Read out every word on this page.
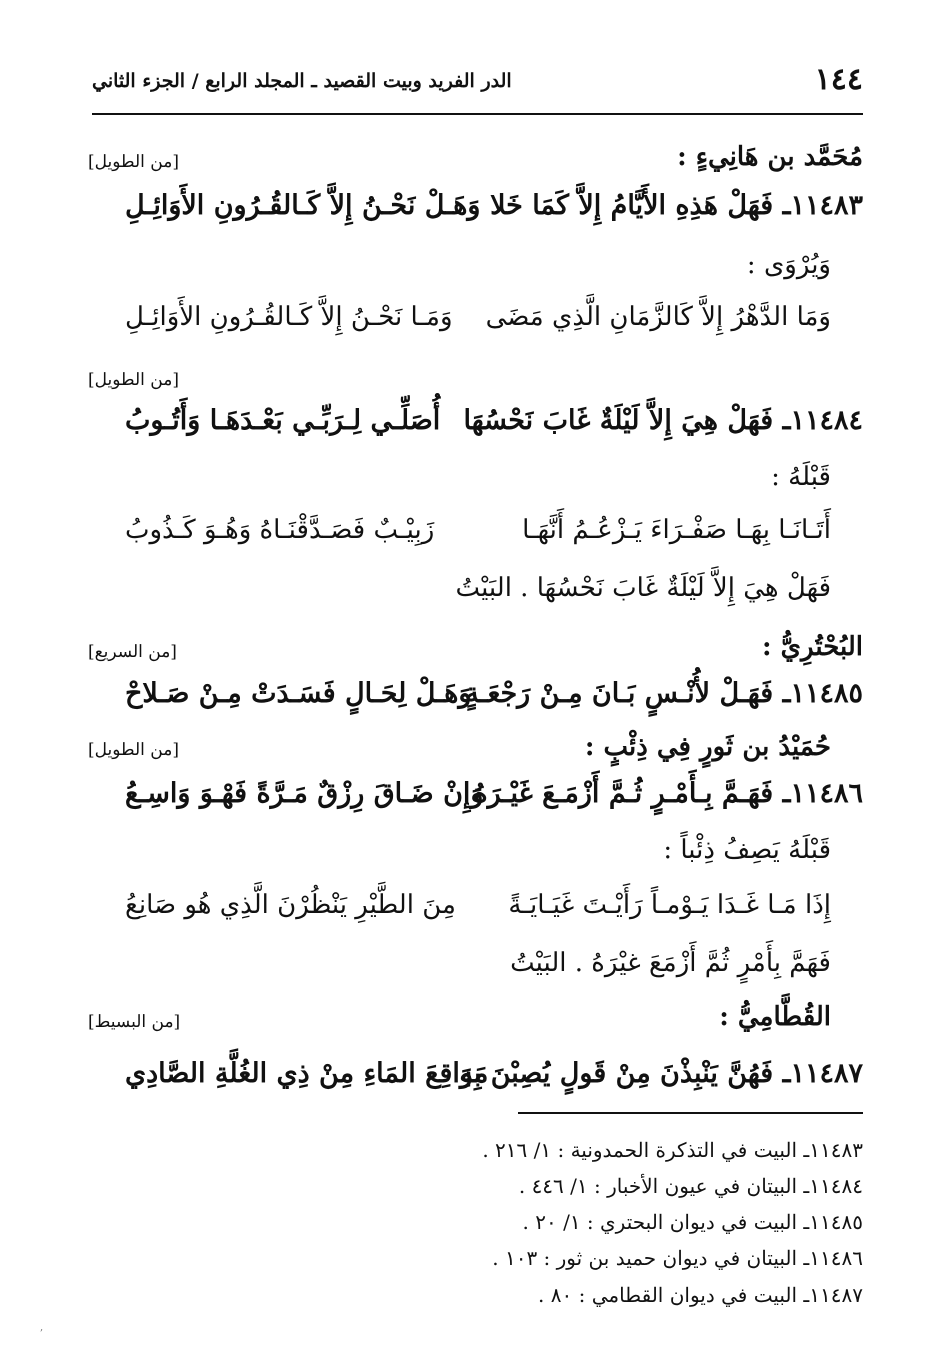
١٤٤
الدر الفريد وبيت القصيد ـ المجلد الرابع / الجزء الثاني
مُحَمَّد بن هَانِيءٍ :
[من الطويل]
١١٤٨٣ـ فَهَلْ هَذِهِ الأَيَّامُ إِلاَّ كَمَا خَلا
وَهَـلْ نَحْـنُ إِلاَّ كَـالقُـرُونِ الأَوَائِـلِ
وَيُرْوَى :
وَمَا الدَّهْرُ إِلاَّ كَالزَّمَانِ الَّذِي مَضَى
وَمَـا نَحْـنُ إِلاَّ كَـالقُـرُونِ الأَوَائِـلِ
[من الطويل]
١١٤٨٤ـ فَهَلْ هِيَ إِلاَّ لَيْلَةٌ غَابَ نَحْسُهَا
أُصَلِّـي لِـرَبِّـي بَعْـدَهَـا وَأَتُـوبُ
قَبْلَهُ :
أَتَـانَـا بِهَـا صَفْـرَاءَ يَـزْعُـمُ أَنَّهَـا
زَبِيْـبٌ فَصَـدَّقْنَـاهُ وَهُـوَ كَـذُوبُ
فَهَلْ هِيَ إِلاَّ لَيْلَةٌ غَابَ نَحْسُهَا . البَيْتُ
البُحْتُرِيُّ :
[من السريع]
١١٤٨٥ـ فَهَـلْ لأُنْـسٍ بَـانَ مِـنْ رَجْعَـةٍ
وَهَـلْ لِحَـالٍ فَسَـدَتْ مِـنْ صَـلاحْ
حُمَيْدُ بن ثَورٍ فِي ذِئْبٍ :
[من الطويل]
١١٤٨٦ـ فَهَـمَّ بِـأَمْـرٍ ثُـمَّ أَزْمَـعَ غَيْـرَهُ
وَإِنْ ضَـاقَ رِزْقٌ مَـرَّةً فَهْـوَ وَاسِـعُ
قَبْلَهُ يَصِفُ ذِئْباً :
إِذَا مَـا غَـدَا يَـوْمـاً رَأَيْـتَ غَيَـايَـةً
مِنَ الطَّيْرِ يَنْظُرْنَ الَّذِي هُو صَانِعُ
فَهَمَّ بِأَمْرٍ ثُمَّ أَزْمَعَ غيْرَهُ . البَيْتُ
القُطَّامِيُّ :
[من البسيط]
١١٤٨٧ـ فَهُنَّ يَنْبِذْنَ مِنْ قَولٍ يُصِبْنَ بِهِ
مَوَاقِعَ المَاءِ مِنْ ذِي الغُلَّةِ الصَّادِي
١١٤٨٣ـ البيت في التذكرة الحمدونية : ١/ ٢١٦ .
١١٤٨٤ـ البيتان في عيون الأخبار : ١/ ٤٤٦ .
١١٤٨٥ـ البيت في ديوان البحتري : ١/ ٢٠ .
١١٤٨٦ـ البيتان في ديوان حميد بن ثور : ١٠٣ .
١١٤٨٧ـ البيت في ديوان القطامي : ٨٠ .
,
